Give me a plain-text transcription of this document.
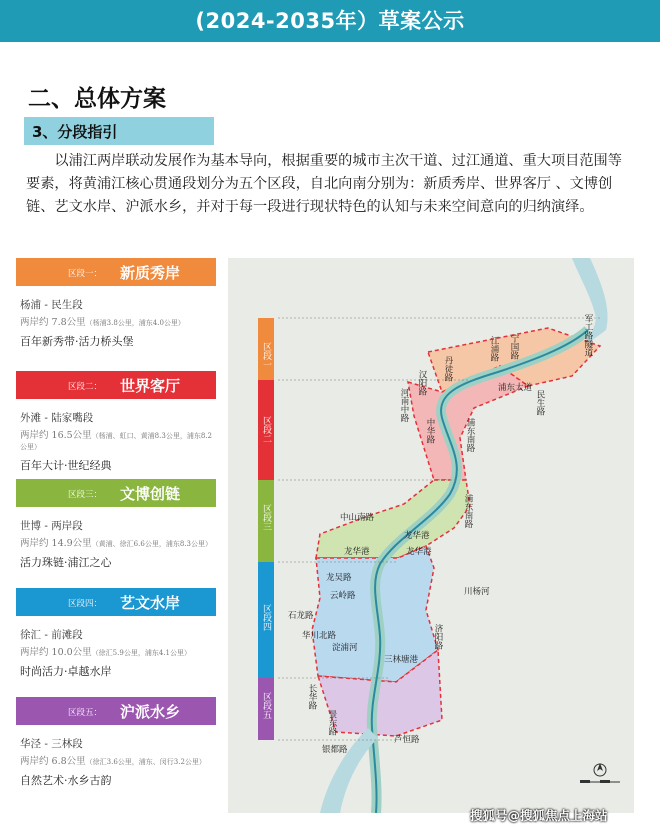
(2024-2035年）草案公示
二、总体方案
3、分段指引
以浦江两岸联动发展作为基本导向，根据重要的城市主次干道、过江通道、重大项目范围等要素，将黄浦江核心贯通段划分为五个区段，自北向南分别为：新质秀岸、世界客厅 、文博创链、艺文水岸、沪派水乡，并对于每一段进行现状特色的认知与未来空间意向的归纳演绎。
区段一： 新质秀岸
杨浦 - 民生段
两岸约 7.8公里（杨浦3.8公里，浦东4.0公里）
百年新秀带·活力桥头堡
区段二： 世界客厅
外滩 - 陆家嘴段
两岸约 16.5公里（杨浦、虹口、黄浦8.3公里，浦东8.2公里）
百年大计·世纪经典
区段三： 文博创链
世博 - 两岸段
两岸约 14.9公里（黄浦、徐汇6.6公里，浦东8.3公里）
活力珠链·浦江之心
区段四： 艺文水岸
徐汇 - 前滩段
两岸约 10.0公里（徐汇5.9公里，浦东4.1公里）
时尚活力·卓越水岸
区段五： 沪派水乡
华泾 - 三林段
两岸约 6.8公里（徐汇3.6公里，浦东、闵行3.2公里）
自然艺术·水乡古韵
区段一
区段二
区段三
区段四
区段五
军工路隧道
江浦路 宁国路
汉阳路
丹徒路
浦东大道
民生路
河南中路
浦东南路
中华路
龙华港
中山南路
龙华港
龙吴路
龙华港
云岭路
浦东南路
川杨河
石龙路
华川北路	济阳路
淀浦河
三林塘港
长华路
景东路
银都路
芦恒路
搜狐号@搜狐焦点上海站
